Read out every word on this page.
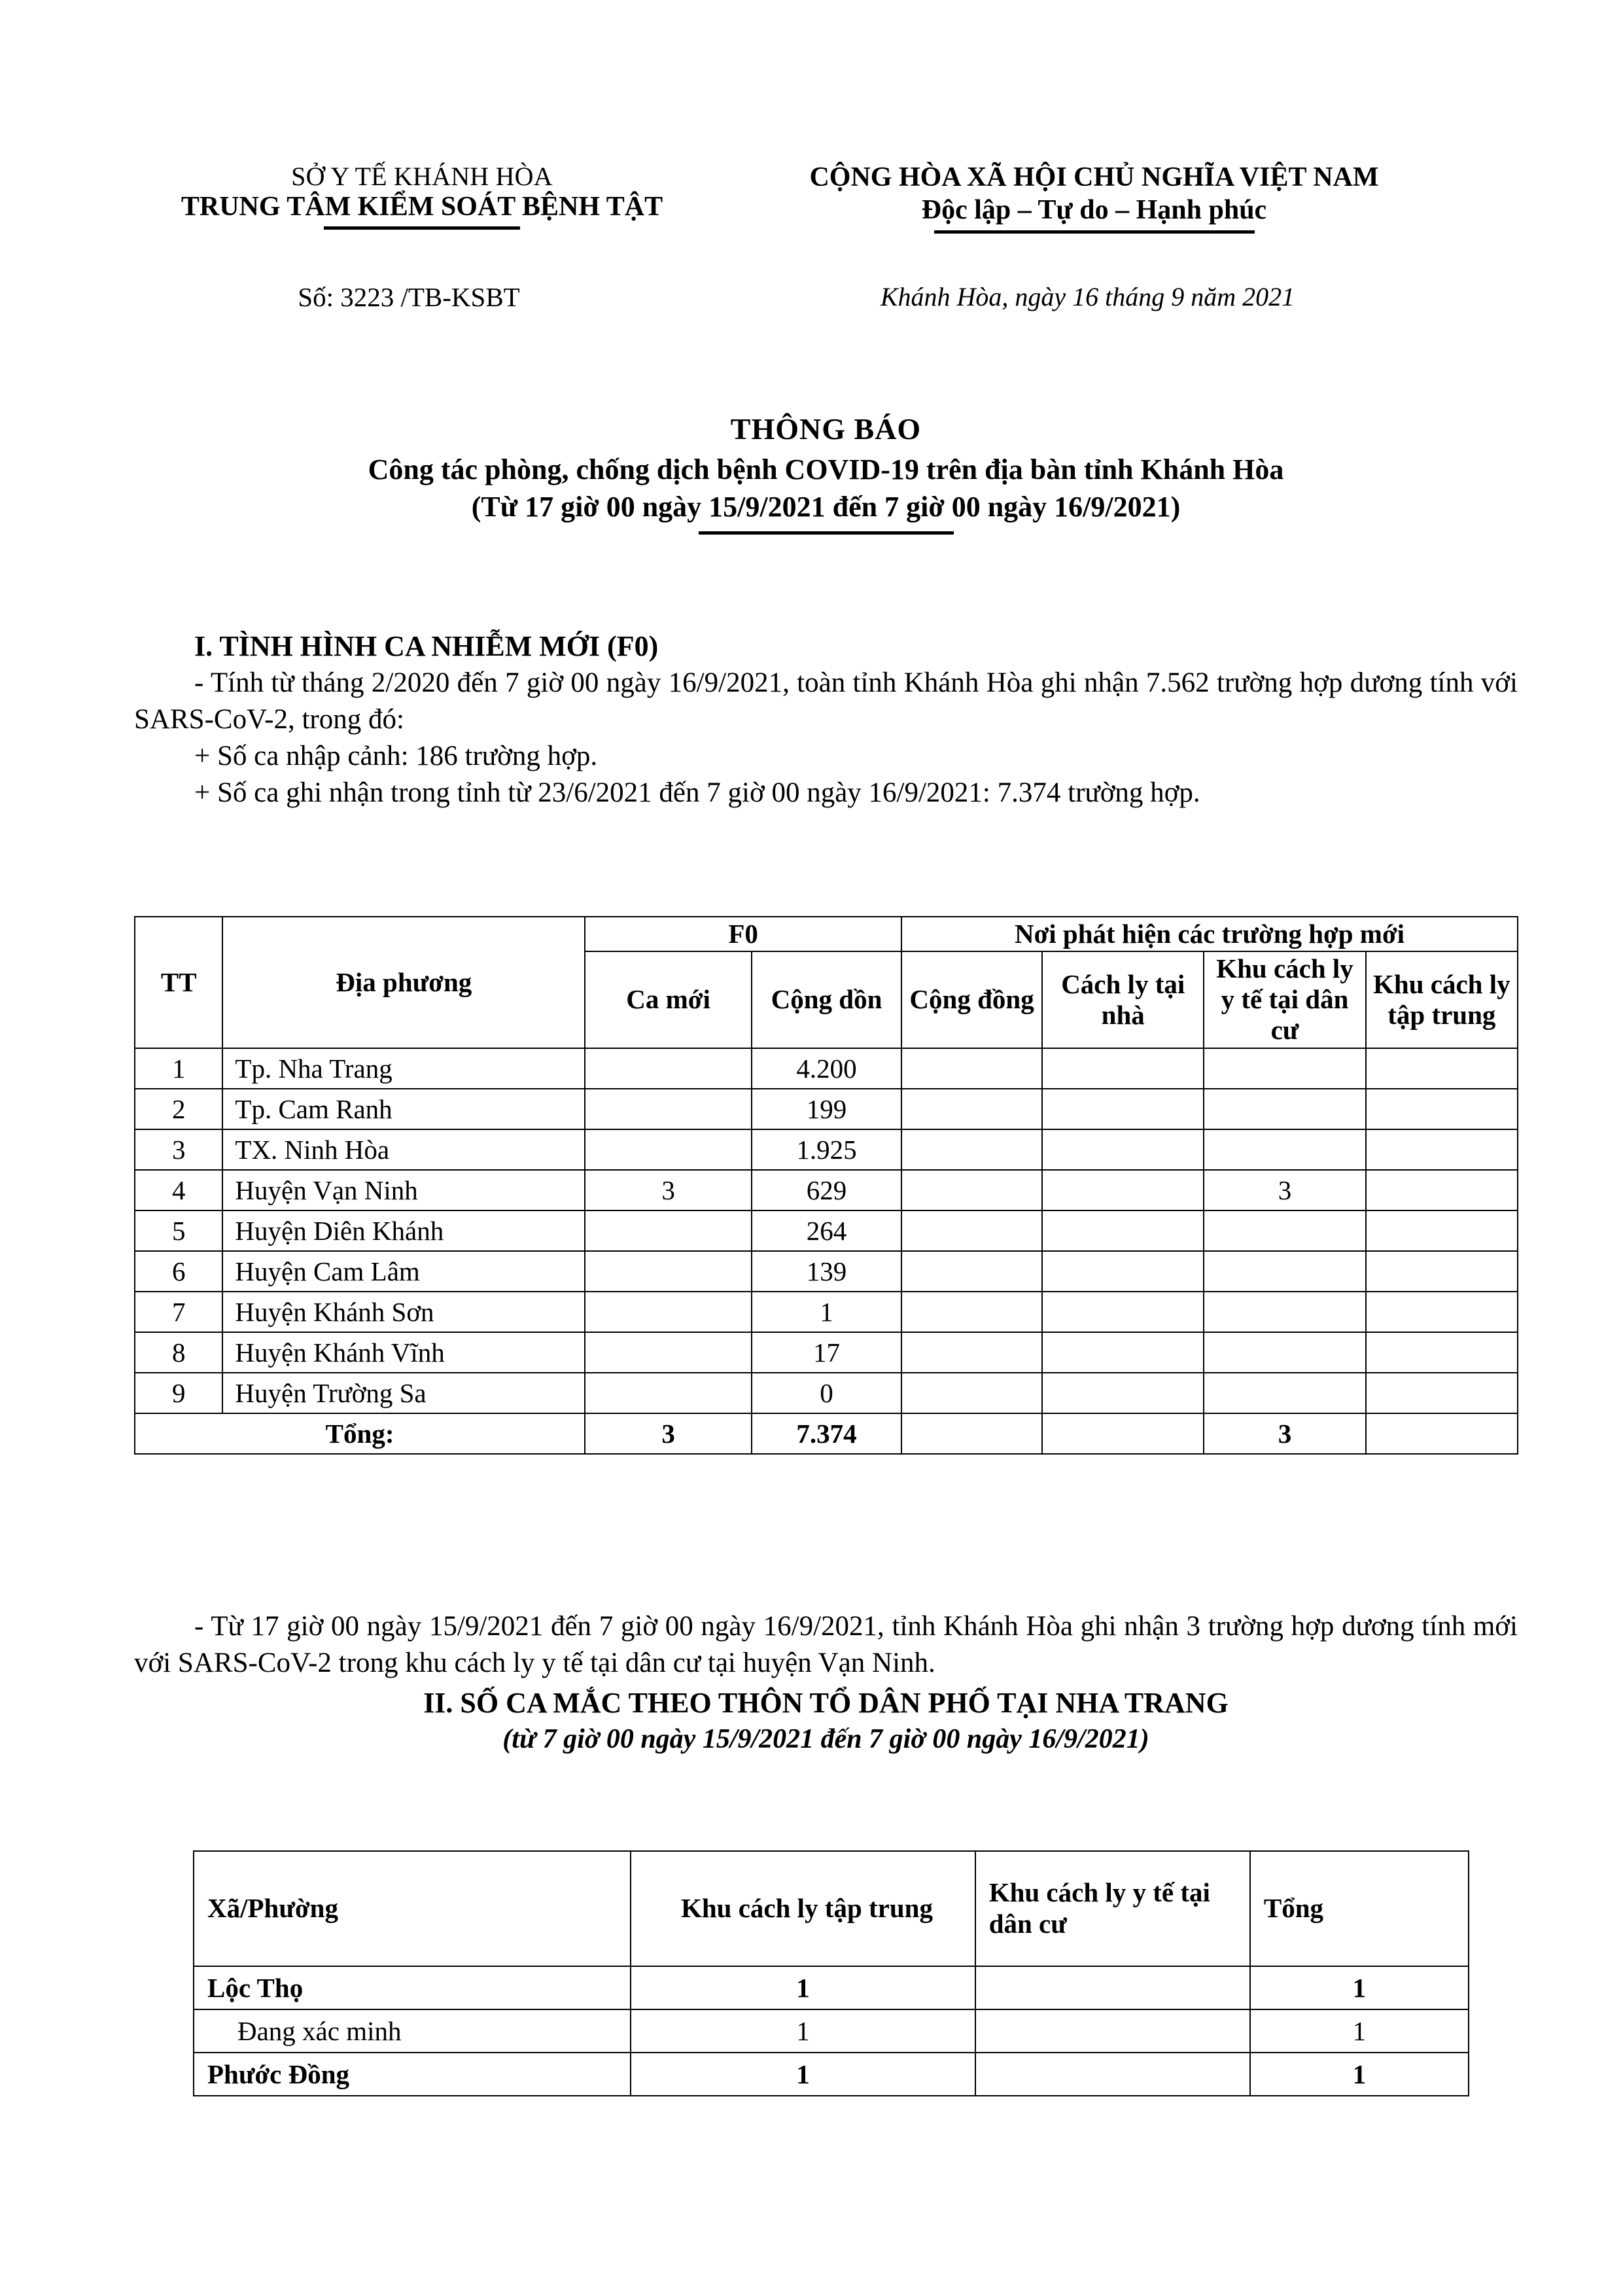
SỞ Y TẾ KHÁNH HÒA
TRUNG TÂM KIỂM SOÁT BỆNH TẬT
CỘNG HÒA XÃ HỘI CHỦ NGHĨA VIỆT NAM
Độc lập – Tự do – Hạnh phúc
Số: 3223 /TB-KSBT	Khánh Hòa, ngày 16 tháng 9 năm 2021
THÔNG BÁO
Công tác phòng, chống dịch bệnh COVID-19 trên địa bàn tỉnh Khánh Hòa
(Từ 17 giờ 00 ngày 15/9/2021 đến 7 giờ 00 ngày 16/9/2021)
I. TÌNH HÌNH CA NHIỄM MỚI (F0)
- Tính từ tháng 2/2020 đến 7 giờ 00 ngày 16/9/2021, toàn tỉnh Khánh Hòa ghi nhận 7.562 trường hợp dương tính với SARS-CoV-2, trong đó:
+ Số ca nhập cảnh: 186 trường hợp.
+ Số ca ghi nhận trong tỉnh từ 23/6/2021 đến 7 giờ 00 ngày 16/9/2021: 7.374 trường hợp.
TT	Địa phương	F0		Nơi phát hiện các trường hợp mới			
		Ca mới	Cộng dồn	Cộng đồng	Cách ly tại nhà	Khu cách ly y tế tại dân cư	Khu cách ly tập trung
1	Tp. Nha Trang		4.200				
2	Tp. Cam Ranh		199				
3	TX. Ninh Hòa		1.925				
4	Huyện Vạn Ninh	3	629			3	
5	Huyện Diên Khánh		264				
6	Huyện Cam Lâm		139				
7	Huyện Khánh Sơn		1				
8	Huyện Khánh Vĩnh		17				
9	Huyện Trường Sa		0				
Tổng:		3	7.374			3	
- Từ 17 giờ 00 ngày 15/9/2021 đến 7 giờ 00 ngày 16/9/2021, tỉnh Khánh Hòa ghi nhận 3 trường hợp dương tính mới với SARS-CoV-2 trong khu cách ly y tế tại dân cư tại huyện Vạn Ninh.
II. SỐ CA MẮC THEO THÔN TỔ DÂN PHỐ TẠI NHA TRANG
(từ 7 giờ 00 ngày 15/9/2021 đến 7 giờ 00 ngày 16/9/2021)
Xã/Phường	Khu cách ly tập trung	Khu cách ly y tế tại dân cư	Tổng
Lộc Thọ	1		1
Đang xác minh	1		1
Phước Đồng	1		1
